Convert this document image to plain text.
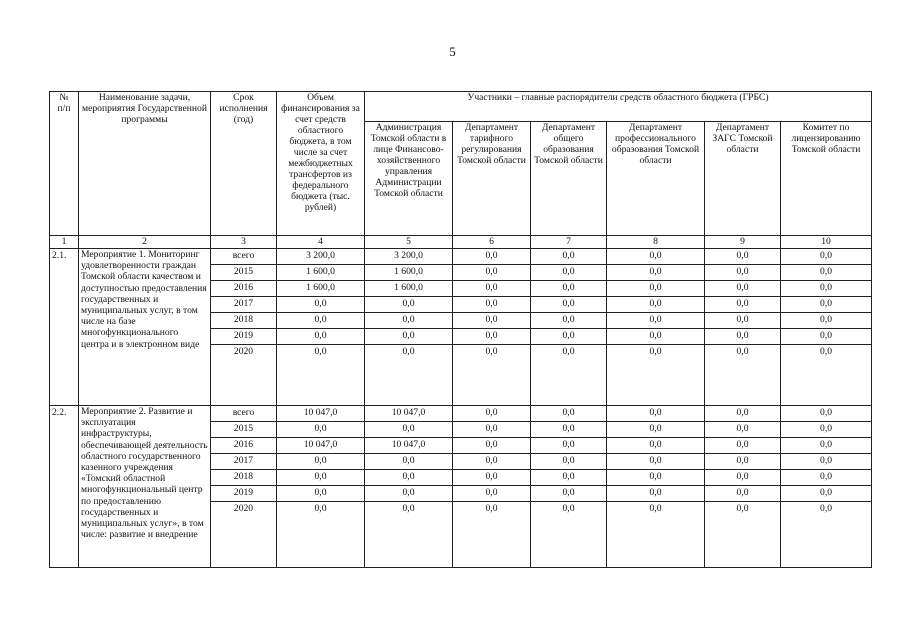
5
№
п/п	Наименование задачи, мероприятия Государственной программы	Срок исполнения (год)	Объем финансирования за счет средств областного бюджета, в том числе за счет межбюджетных трансфертов из федерального бюджета (тыс. рублей)	Участники – главные распорядители средств областного бюджета (ГРБС)					
				Администрация Томской области в лице Финансово-хозяйственного управления Администрации Томской области	Департамент тарифного регулирования Томской области	Департамент общего образования Томской области	Департамент профессионального образования Томской области	Департамент ЗАГС Томской области	Комитет по лицензированию Томской области
1	2	3	4	5	6	7	8	9	10
2.1.	Мероприятие 1. Мониторинг удовлетворенности граждан Томской области качеством и доступностью предоставления государственных и муниципальных услуг, в том числе на базе многофункционального центра и в электронном виде	всего	3 200,0	3 200,0	0,0	0,0	0,0	0,0	0,0
		2015	1 600,0	1 600,0	0,0	0,0	0,0	0,0	0,0
		2016	1 600,0	1 600,0	0,0	0,0	0,0	0,0	0,0
		2017	0,0	0,0	0,0	0,0	0,0	0,0	0,0
		2018	0,0	0,0	0,0	0,0	0,0	0,0	0,0
		2019	0,0	0,0	0,0	0,0	0,0	0,0	0,0
		2020	0,0	0,0	0,0	0,0	0,0	0,0	0,0
2.2.	Мероприятие 2. Развитие и эксплуатация инфраструктуры, обеспечивающей деятельность областного государственного казенного учреждения «Томский областной многофункциональный центр по предоставлению государственных и муниципальных услуг», в том числе: развитие и внедрение	всего	10 047,0	10 047,0	0,0	0,0	0,0	0,0	0,0
		2015	0,0	0,0	0,0	0,0	0,0	0,0	0,0
		2016	10 047,0	10 047,0	0,0	0,0	0,0	0,0	0,0
		2017	0,0	0,0	0,0	0,0	0,0	0,0	0,0
		2018	0,0	0,0	0,0	0,0	0,0	0,0	0,0
		2019	0,0	0,0	0,0	0,0	0,0	0,0	0,0
		2020	0,0	0,0	0,0	0,0	0,0	0,0	0,0
